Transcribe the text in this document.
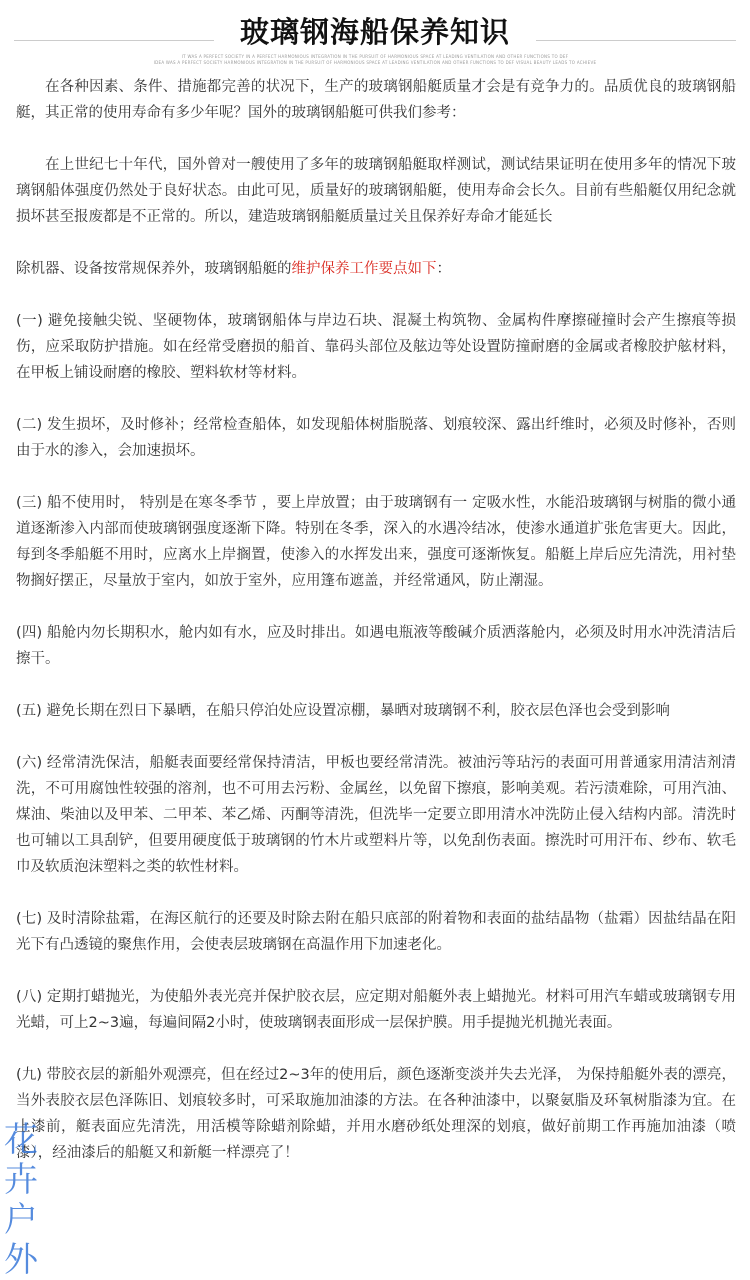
玻璃钢海船保养知识
IT WAS A PERFECT SOCIETY IN A PERFECT HARMONIOUS INTEGRATION IN THE PURSUIT OF HARMONIOUS SPACE AT LEADING VENTILATION AND OTHER FUNCTIONS TO DEF
IDEA WAS A PERFECT SOCIETY HARMONIOUS INTEGRATION IN THE PURSUIT OF HARMONIOUS SPACE AT LEADING VENTILATION AND OTHER FUNCTIONS TO DEF VISUAL BEAUTY LEADS TO ACHIEVE

在各种因素、条件、措施都完善的状况下，生产的玻璃钢船艇质量才会是有竞争力的。品质优良的玻璃钢船艇，其正常的使用寿命有多少年呢？国外的玻璃钢船艇可供我们参考：

在上世纪七十年代，国外曾对一艘使用了多年的玻璃钢船艇取样测试，测试结果证明在使用多年的情况下玻璃钢船体强度仍然处于良好状态。由此可见，质量好的玻璃钢船艇，使用寿命会长久。目前有些船艇仅用纪念就损坏甚至报废都是不正常的。所以，建造玻璃钢船艇质量过关且保养好寿命才能延长

除机器、设备按常规保养外，玻璃钢船艇的维护保养工作要点如下：

(一) 避免接触尖锐、坚硬物体，玻璃钢船体与岸边石块、混凝土构筑物、金属构件摩擦碰撞时会产生擦痕等损伤，应采取防护措施。如在经常受磨损的船首、靠码头部位及舷边等处设置防撞耐磨的金属或者橡胶护舷材料，在甲板上铺设耐磨的橡胶、塑料软材等材料。

(二) 发生损坏，及时修补；经常检查船体，如发现船体树脂脱落、划痕较深、露出纤维时，必须及时修补，否则由于水的渗入，会加速损坏。

(三) 船不使用时， 特别是在寒冬季节 ，要上岸放置；由于玻璃钢有一 定吸水性，水能沿玻璃钢与树脂的微小通道逐渐渗入内部而使玻璃钢强度逐渐下降。特别在冬季，深入的水遇冷结冰，使渗水通道扩张危害更大。因此，每到冬季船艇不用时，应离水上岸搁置，使渗入的水挥发出来，强度可逐渐恢复。船艇上岸后应先清洗，用衬垫物搁好摆正，尽量放于室内，如放于室外，应用篷布遮盖，并经常通风，防止潮湿。

(四) 船舱内勿长期积水，舱内如有水，应及时排出。如遇电瓶液等酸碱介质洒落舱内，必须及时用水冲洗清洁后擦干。

(五) 避免长期在烈日下暴晒，在船只停泊处应设置凉棚，暴晒对玻璃钢不利，胶衣层色泽也会受到影响

(六) 经常清洗保洁，船艇表面要经常保持清洁，甲板也要经常清洗。被油污等玷污的表面可用普通家用清洁剂清洗，不可用腐蚀性较强的溶剂，也不可用去污粉、金属丝，以免留下擦痕，影响美观。若污渍难除，可用汽油、煤油、柴油以及甲苯、二甲苯、苯乙烯、丙酮等清洗，但洗毕一定要立即用清水冲洗防止侵入结构内部。清洗时也可辅以工具刮铲，但要用硬度低于玻璃钢的竹木片或塑料片等，以免刮伤表面。擦洗时可用汗布、纱布、软毛巾及软质泡沫塑料之类的软性材料。

(七) 及时清除盐霜，在海区航行的还要及时除去附在船只底部的附着物和表面的盐结晶物（盐霜）因盐结晶在阳光下有凸透镜的聚焦作用，会使表层玻璃钢在高温作用下加速老化。

(八) 定期打蜡抛光，为使船外表光亮并保护胶衣层，应定期对船艇外表上蜡抛光。材料可用汽车蜡或玻璃钢专用光蜡，可上2~3遍，每遍间隔2小时，使玻璃钢表面形成一层保护膜。用手提抛光机抛光表面。

(九) 带胶衣层的新船外观漂亮，但在经过2~3年的使用后，颜色逐渐变淡并失去光泽， 为保持船艇外表的漂亮，当外表胶衣层色泽陈旧、划痕较多时，可采取施加油漆的方法。在各种油漆中，以聚氨脂及环氧树脂漆为宜。在上漆前，艇表面应先清洗，用活模等除蜡剂除蜡，并用水磨砂纸处理深的划痕，做好前期工作再施加油漆（喷漆），经油漆后的船艇又和新艇一样漂亮了！

花卉户外
